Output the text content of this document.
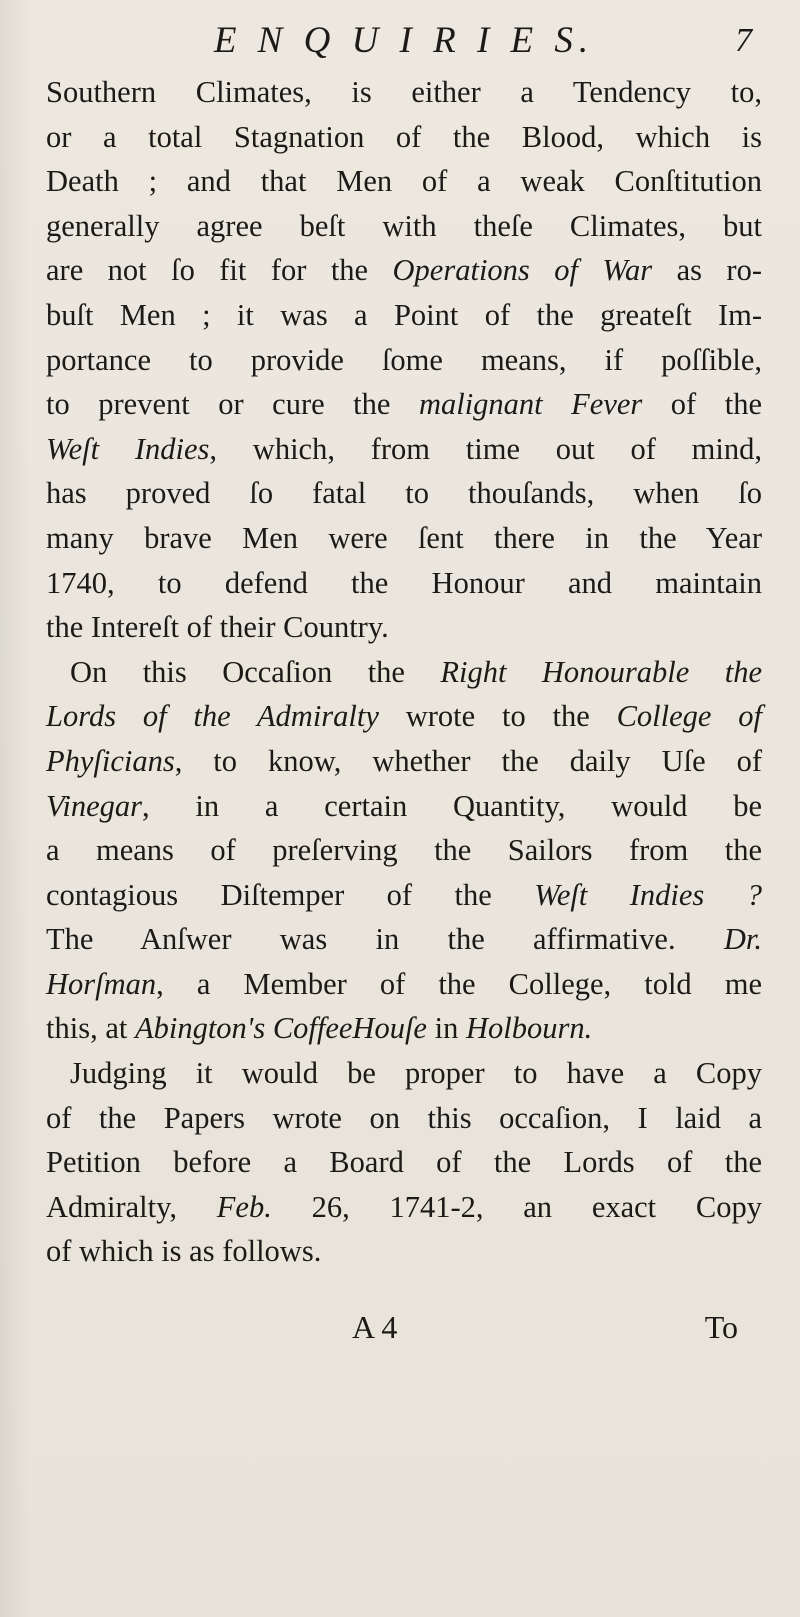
E N Q U I R I E S.	7
Southern Climates, is either a Tendency to,
or a total Stagnation of the Blood, which is
Death ; and that Men of a weak Conſtitution
generally agree beſt with theſe Climates, but
are not ſo fit for the Operations of War as ro-
buſt Men ; it was a Point of the greateſt Im-
portance to provide ſome means, if poſſible,
to prevent or cure the malignant Fever of the
Weſt Indies, which, from time out of mind,
has proved ſo fatal to thouſands, when ſo
many brave Men were ſent there in the Year
1740, to defend the Honour and maintain
the Intereſt of their Country.
On this Occaſion the Right Honourable the
Lords of the Admiralty wrote to the College of
Phyſicians, to know, whether the daily Uſe of
Vinegar, in a certain Quantity, would be
a means of preſerving the Sailors from the
contagious Diſtemper of the Weſt Indies ?
The Anſwer was in the affirmative. Dr.
Horſman, a Member of the College, told me
this, at Abington's CoffeeHouſe in Holbourn.
Judging it would be proper to have a Copy
of the Papers wrote on this occaſion, I laid a
Petition before a Board of the Lords of the
Admiralty, Feb. 26, 1741-2, an exact Copy
of which is as follows.
A 4	To
